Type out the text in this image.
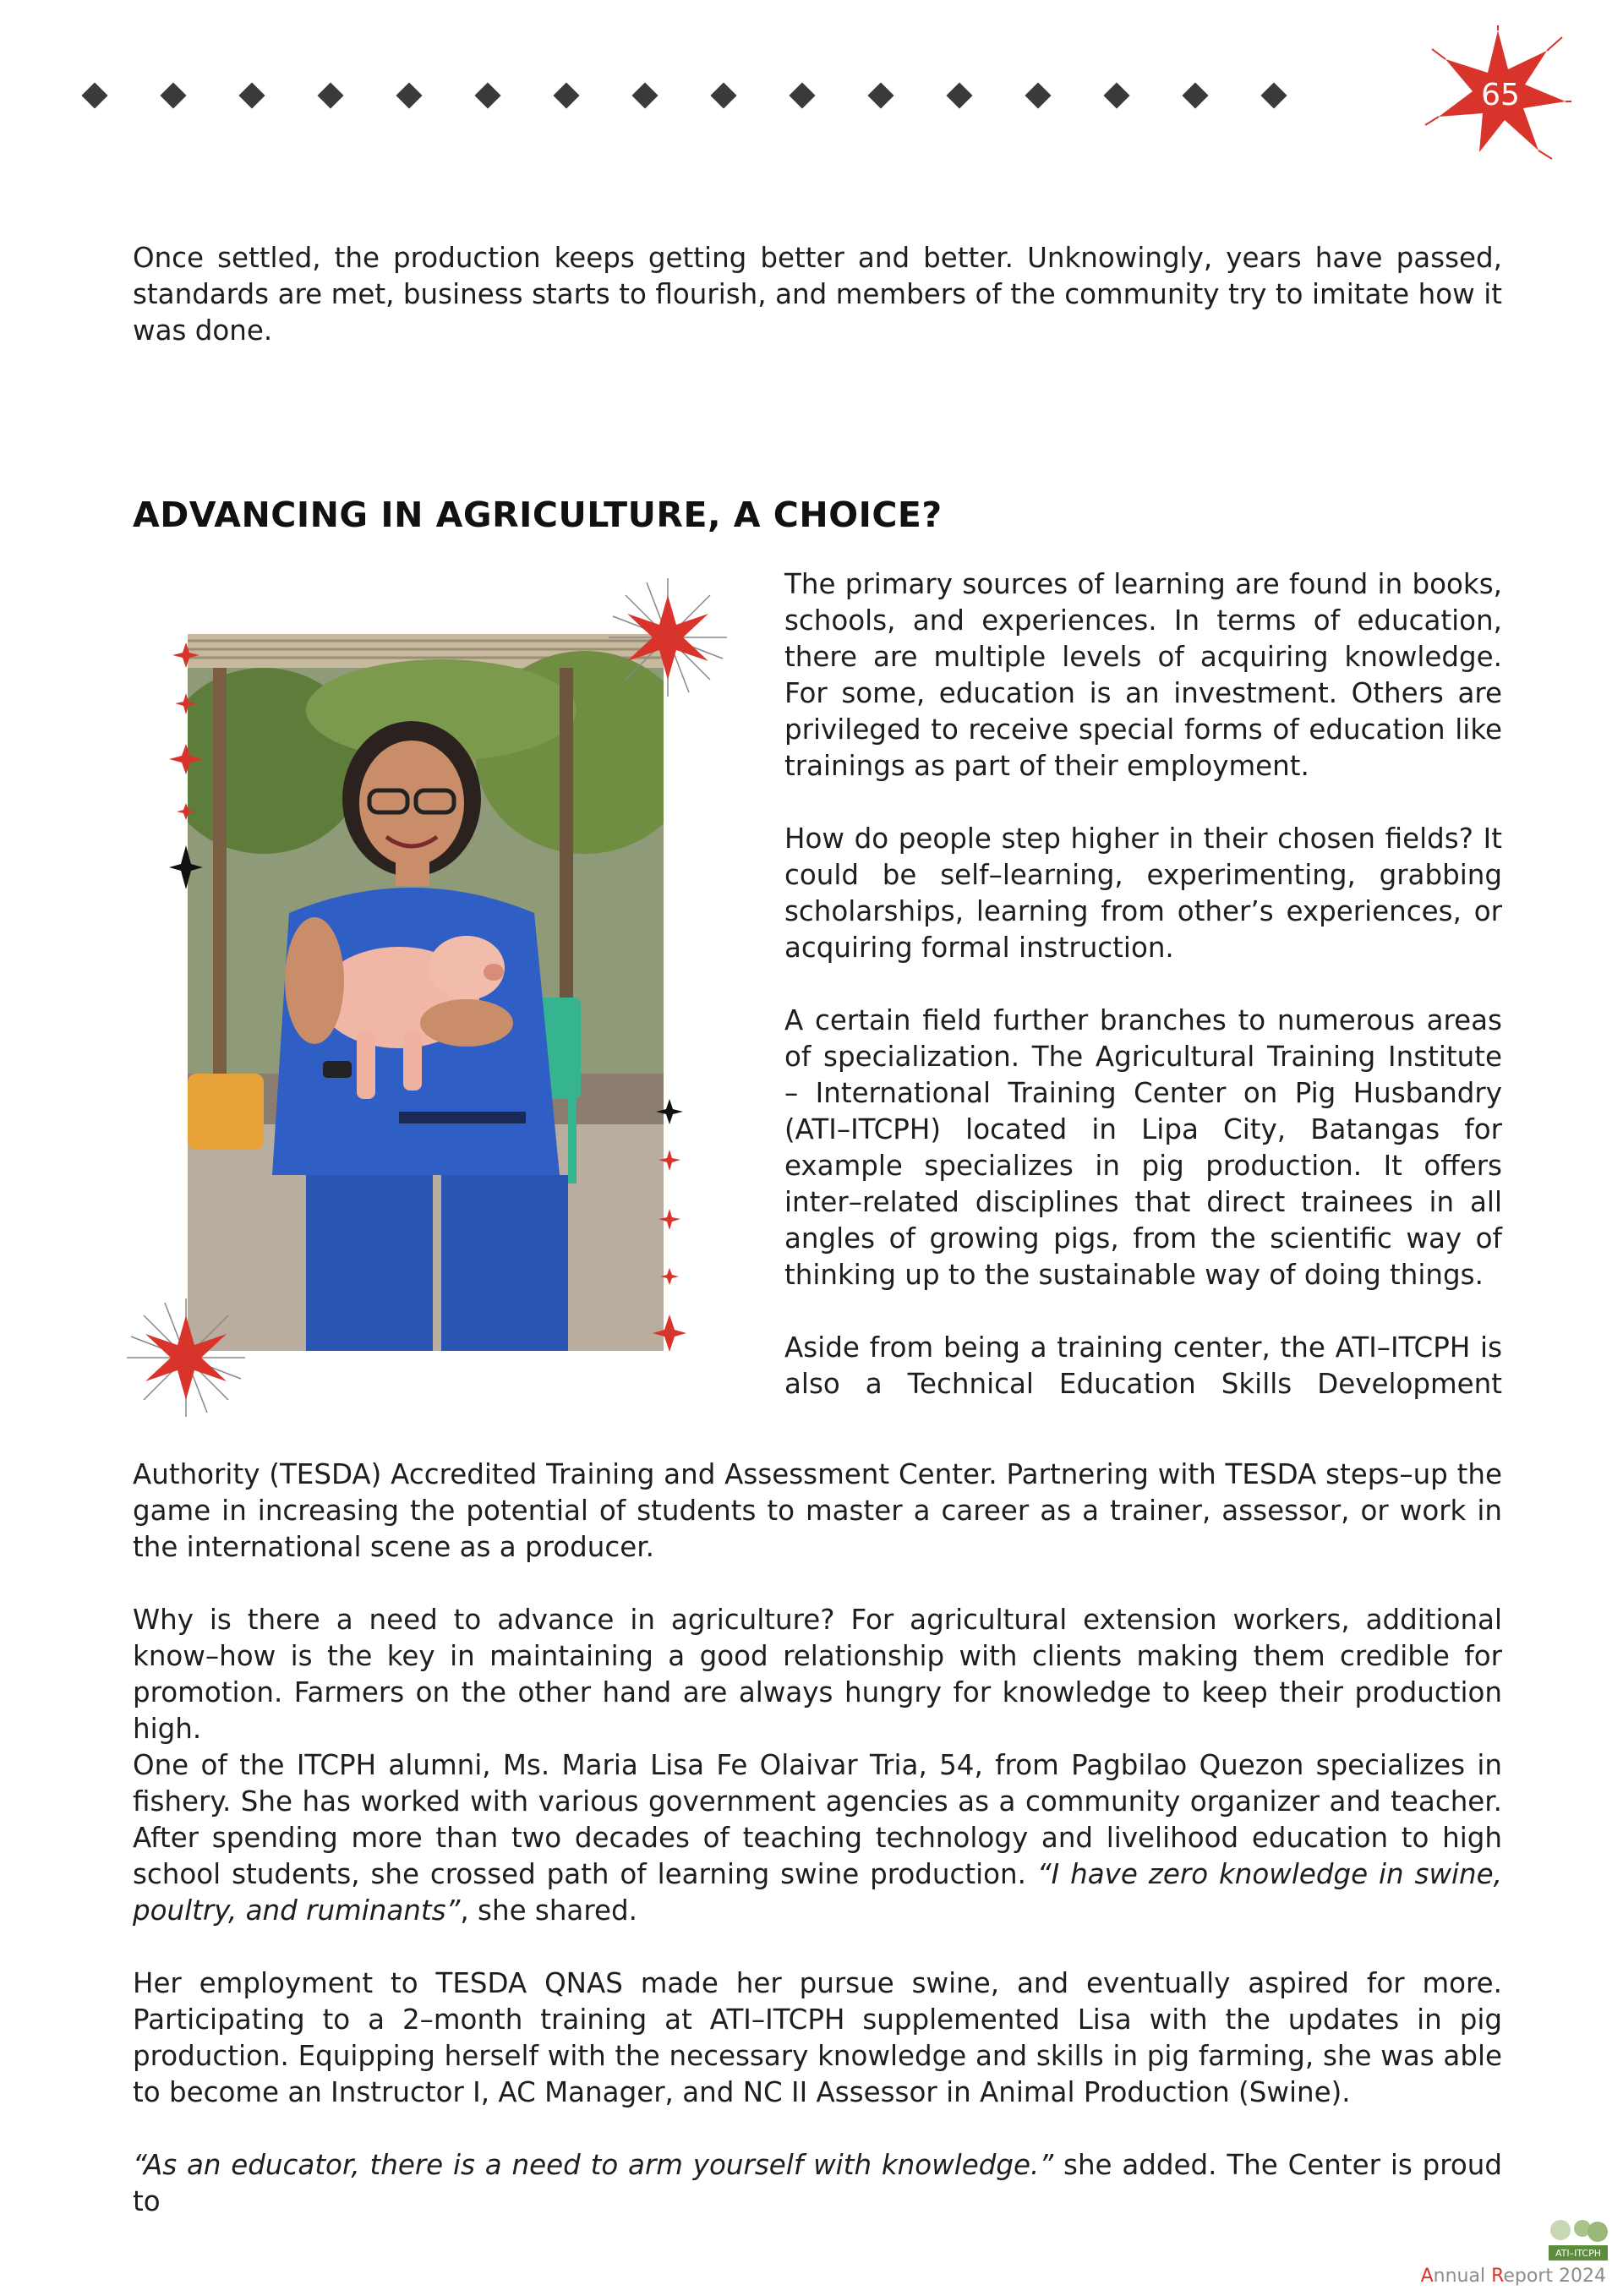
65

Once settled, the production keeps getting better and better. Unknowingly, years have passed, standards are met, business starts to flourish, and members of the community try to imitate how it was done.

ADVANCING IN AGRICULTURE, A CHOICE?

The primary sources of learning are found in books, schools, and experiences. In terms of education, there are multiple levels of acquiring knowledge. For some, education is an investment. Others are privileged to receive special forms of education like trainings as part of their employment.

How do people step higher in their chosen fields? It could be self–learning, experimenting, grabbing scholarships, learning from other’s experiences, or acquiring formal instruction.

A certain field further branches to numerous areas of specialization. The Agricultural Training Institute – International Training Center on Pig Husbandry (ATI–ITCPH) located in Lipa City, Batangas for example specializes in pig production. It offers inter–related disciplines that direct trainees in all angles of growing pigs, from the scientific way of thinking up to the sustainable way of doing things.

Aside from being a training center, the ATI–ITCPH is also a Technical Education Skills Development

Authority (TESDA) Accredited Training and Assessment Center. Partnering with TESDA steps–up the game in increasing the potential of students to master a career as a trainer, assessor, or work in the international scene as a producer.

Why is there a need to advance in agriculture? For agricultural extension workers, additional know–how is the key in maintaining a good relationship with clients making them credible for promotion. Farmers on the other hand are always hungry for knowledge to keep their production high.

One of the ITCPH alumni, Ms. Maria Lisa Fe Olaivar Tria, 54, from Pagbilao Quezon specializes in fishery. She has worked with various government agencies as a community organizer and teacher. After spending more than two decades of teaching technology and livelihood education to high school students, she crossed path of learning swine production. “I have zero knowledge in swine, poultry, and ruminants”, she shared.

Her employment to TESDA QNAS made her pursue swine, and eventually aspired for more. Participating to a 2–month training at ATI–ITCPH supplemented Lisa with the updates in pig production. Equipping herself with the necessary knowledge and skills in pig farming, she was able to become an Instructor I, AC Manager, and NC II Assessor in Animal Production (Swine).

“As an educator, there is a need to arm yourself with knowledge.” she added. The Center is proud to

ATI–ITCPH
Annual Report 2024
